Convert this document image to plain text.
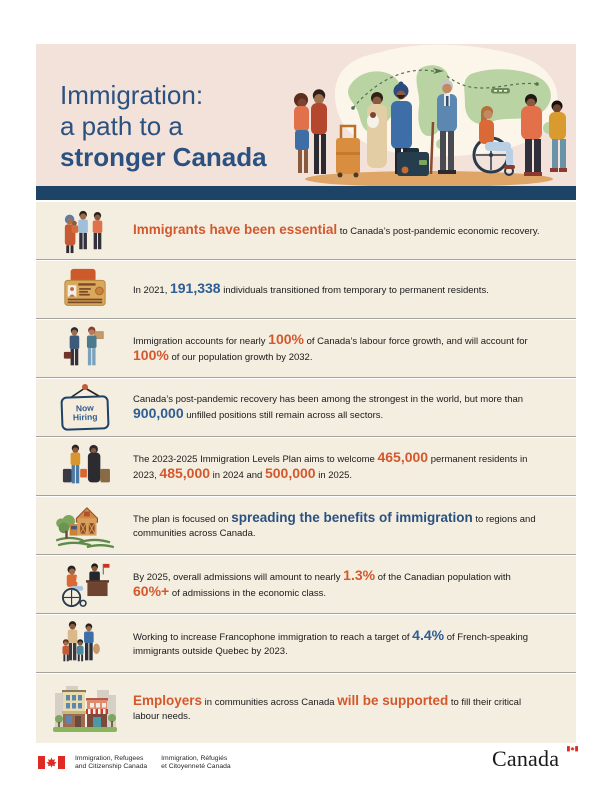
Immigration:
a path to a
stronger Canada

Immigrants have been essential to Canada’s post-pandemic economic recovery.

In 2021, 191,338 individuals transitioned from temporary to permanent residents.

Immigration accounts for nearly 100% of Canada’s labour force growth, and will account for 100% of our population growth by 2032.

Now
Hiring

Canada’s post-pandemic recovery has been among the strongest in the world, but more than 900,000 unfilled positions still remain across all sectors.

The 2023-2025 Immigration Levels Plan aims to welcome 465,000 permanent residents in 2023, 485,000 in 2024 and 500,000 in 2025.

The plan is focused on spreading the benefits of immigration to regions and communities across Canada.

By 2025, overall admissions will amount to nearly 1.3% of the Canadian population with 60%+ of admissions in the economic class.

Working to increase Francophone immigration to reach a target of 4.4% of French-speaking immigrants outside Quebec by 2023.

Employers in communities across Canada will be supported to fill their critical labour needs.

Immigration, Refugees
and Citizenship Canada
Immigration, Réfugiés
et Citoyenneté Canada	Canada
